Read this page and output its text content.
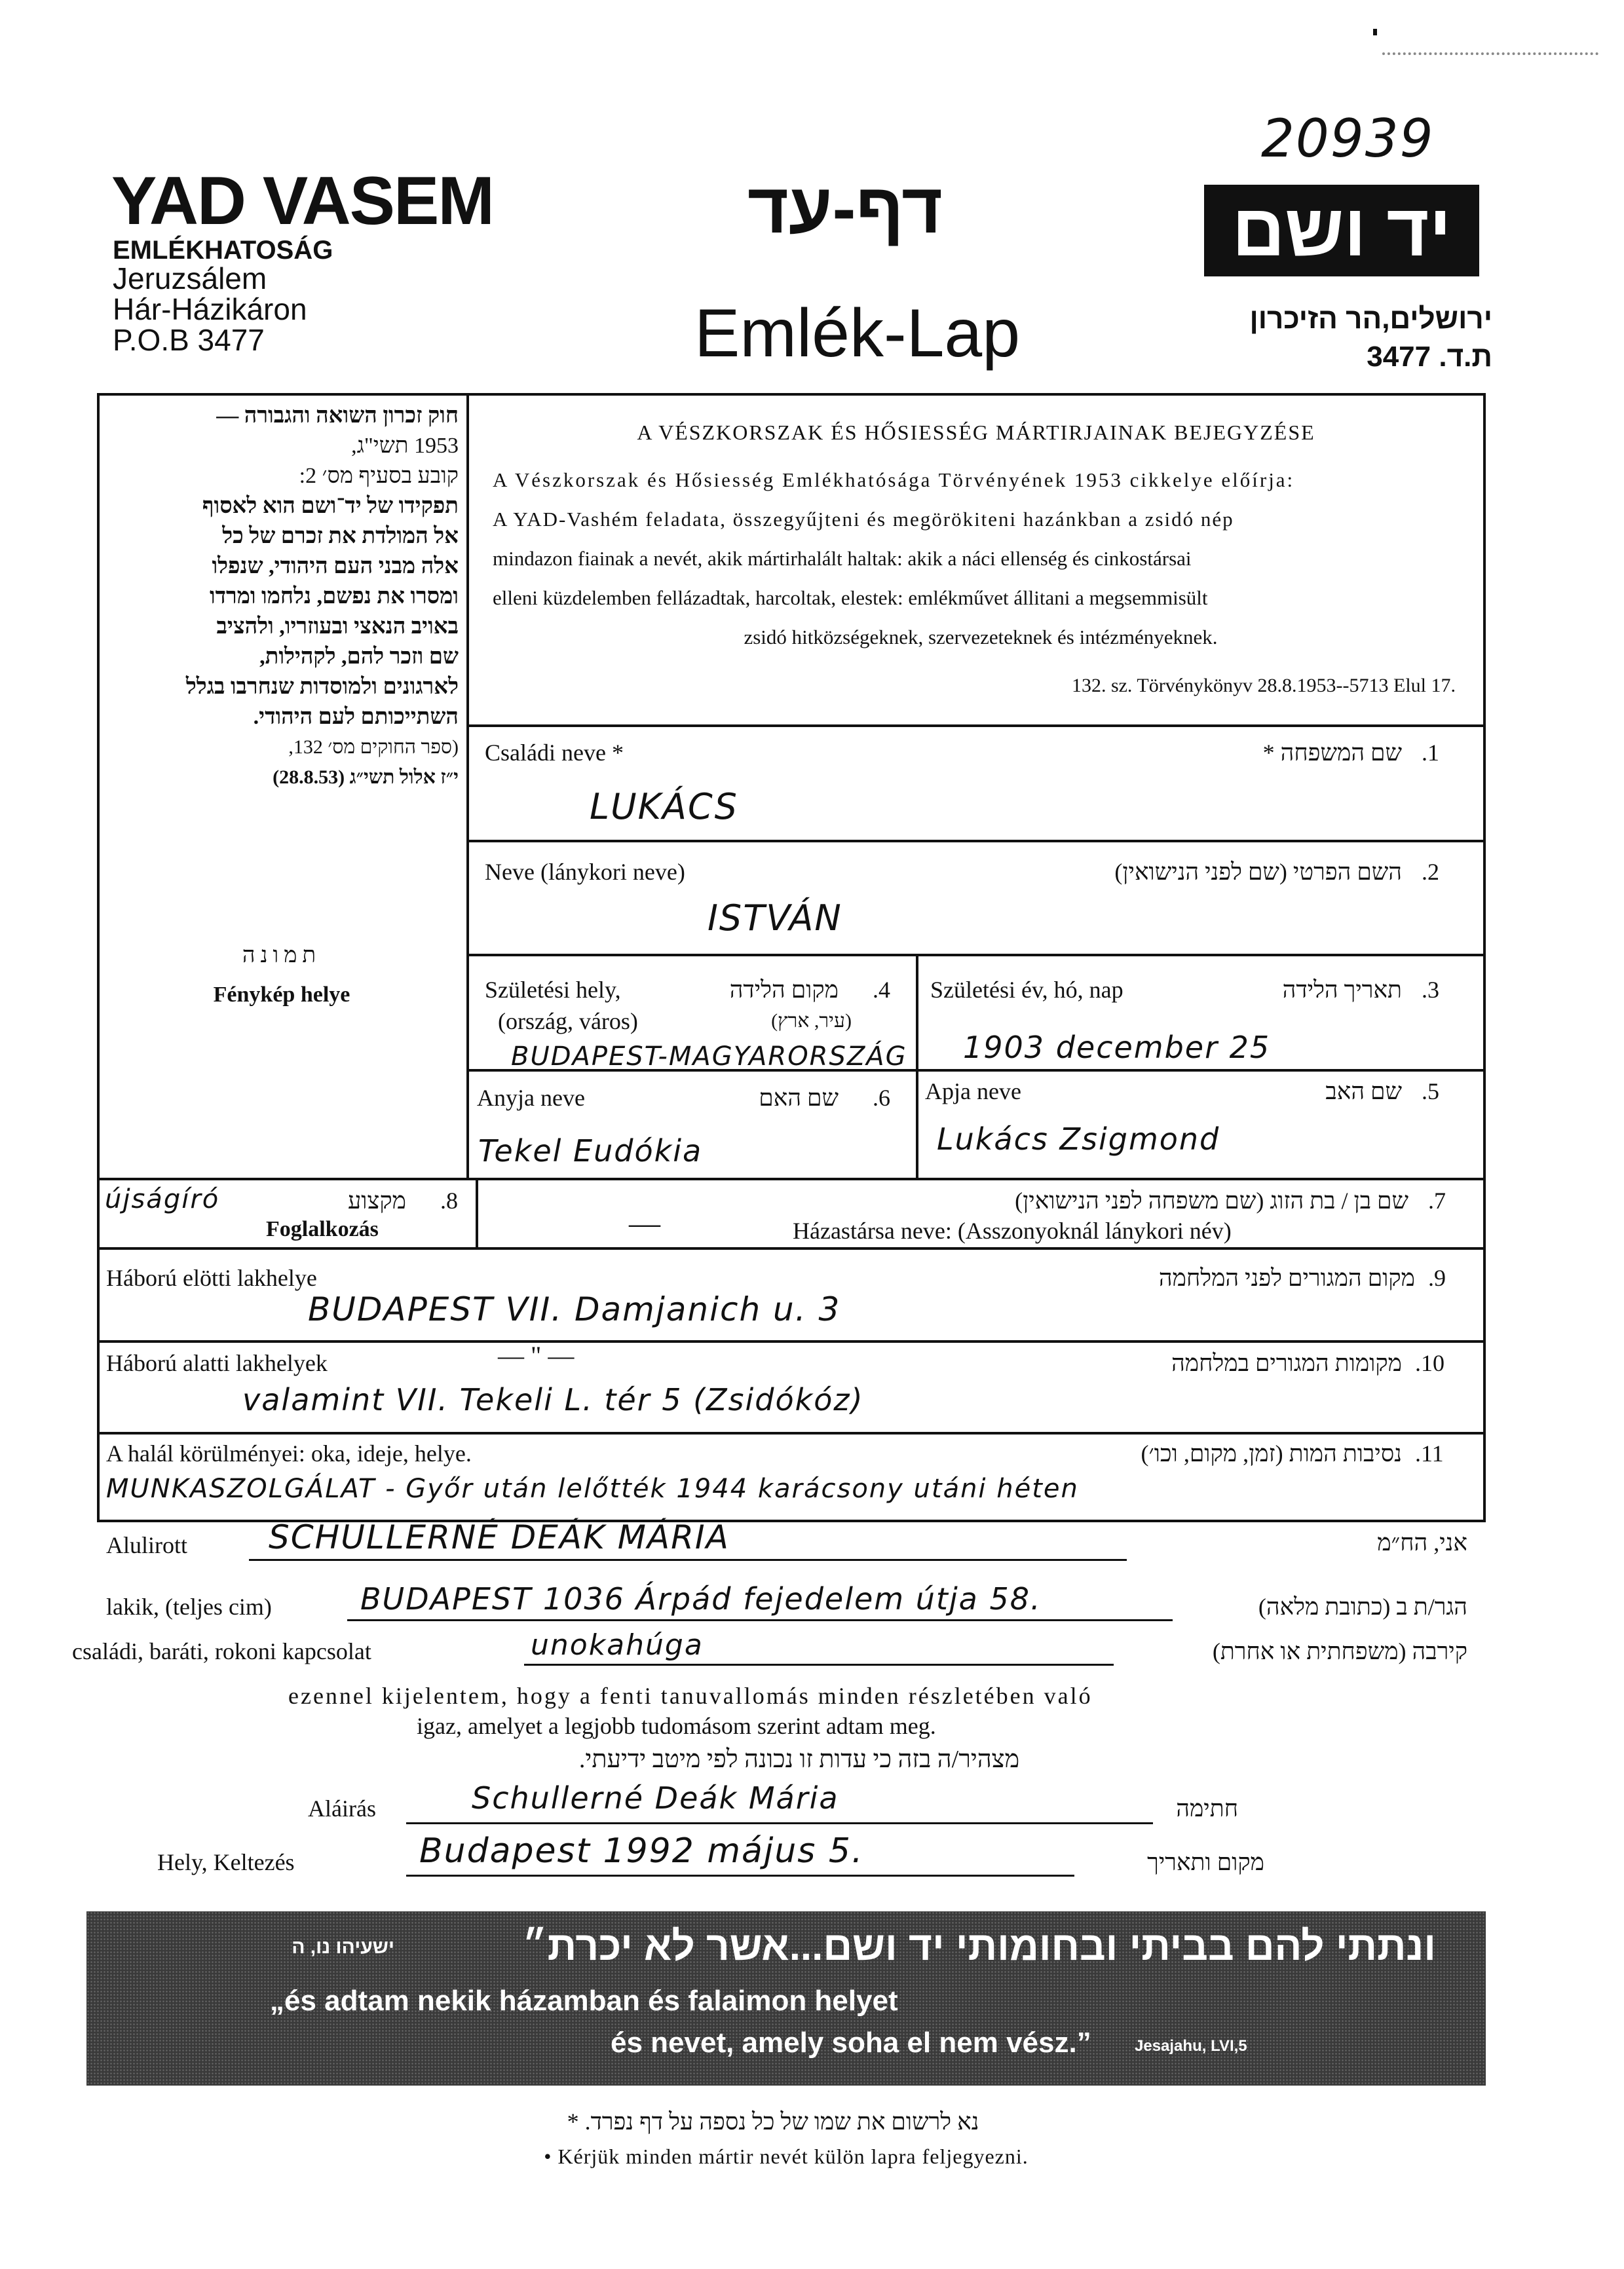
20939
YAD VASEM
EMLÉKHATOSÁG
Jeruzsálem
Hár-Házikáron
P.O.B 3477
דף-עד
Emlék-Lap
יד ושם
ירושלים,הר הזיכרון
ת.ד. 3477
חוק זכרון השואה והגבורה —
1953 תשי"ג,
קובע בסעיף מס׳ 2:
תפקידו של יד־ושם הוא לאסוף
אל המולדת את זכרם של כל
אלה מבני העם היהודי, שנפלו
ומסרו את נפשם, נלחמו ומרדו
באויב הנאצי ובעוזריו, ולהציב
שם וזכר להם, לקהילות,
לארגונים ולמוסדות שנחרבו בגלל
השתייכותם לעם היהודי.
(ספר החוקים מס׳ 132,
י״ז אלול תשי״ג (28.8.53)
תמונה
Fénykép helye
A VÉSZKORSZAK ÉS HŐSIESSÉG MÁRTIRJAINAK BEJEGYZÉSE
A Vészkorszak és Hősiesség Emlékhatósága Törvényének 1953 cikkelye előírja:
A YAD-Vashém feladata, összegyűjteni és megörökiteni hazánkban a zsidó nép
mindazon fiainak a nevét, akik mártirhalált haltak: akik a náci ellenség és cinkostársai
elleni küzdelemben fellázadtak, harcoltak, elestek: emlékművet állitani a megsemmisült
zsidó hitközségeknek, szervezeteknek és intézményeknek.
132. sz. Törvénykönyv 28.8.1953--5713 Elul 17.
Családi neve *	שם המשפחה * .1
LUKÁCS
Neve (lánykori neve)	השם הפרטי (שם לפני הנישואין) .2
ISTVÁN
Születési hely,	מקום הלידה .4
(ország, város)	(עיר, ארץ)
BUDAPEST-MAGYARORSZÁG
Születési év, hó, nap	תאריך הלידה .3
1903 december 25
Anyja neve	שם האם .6
Tekel Eudókia
Apja neve	שם האב .5
Lukács Zsigmond
újságíró	מקצוע .8
Foglalkozás
שם בן / בת הזוג (שם משפחה לפני הנישואין) .7
Házastársa neve: (Asszonyoknál lánykori név)
—
Háború elötti lakhelye	מקום המגורים לפני המלחמה .9
BUDAPEST VII. Damjanich u. 3
Háború alatti lakhelyek	— " —	מקומות המגורים במלחמה .10
valamint VII. Tekeli L. tér 5 (Zsidókóz)
A halál körülményei: oka, ideje, helye.	נסיבות המות (זמן, מקום, וכו׳) .11
MUNKASZOLGÁLAT - Győr után lelőtték 1944 karácsony utáni héten
Alulirott SCHULLERNÉ DEÁK MÁRIA	אני, הח״מ
lakik, (teljes cim)	BUDAPEST 1036 Árpád fejedelem útja 58.	הגר/ת ב (כתובת מלאה)
családi, baráti, rokoni kapcsolat	unokahúga	קירבה (משפחתית או אחרת)
ezennel kijelentem, hogy a fenti tanuvallomás minden részletében való
igaz, amelyet a legjobb tudomásom szerint adtam meg.
מצהיר/ה בזה כי עדות זו נכונה לפי מיטב ידיעתי.
Aláirás	Schullerné Deák Mária	חתימה
Hely, Keltezés	Budapest 1992 május 5.	מקום ותאריך
ונתתי להם בביתי ובחומותי יד ושם...אשר לא יכרת״
ישעיהו נו, ה
„és adtam nekik házamban és falaimon helyet
és nevet, amely soha el nem vész.”	Jesajahu, LVI,5
נא לרשום את שמו של כל נספה על דף נפרד. *
• Kérjük minden mártir nevét külön lapra feljegyezni.
